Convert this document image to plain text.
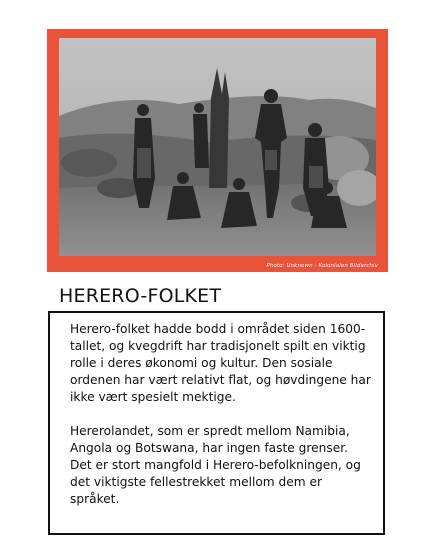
Photo: Unknown - Kolonialen Bildarchiv
HERERO-FOLKET

Herero-folket hadde bodd i området siden 1600-tallet, og kvegdrift har tradisjonelt spilt en viktig rolle i deres økonomi og kultur. Den sosiale ordenen har vært relativt flat, og høvdingene har ikke vært spesielt mektige.

Hererolandet, som er spredt mellom Namibia, Angola og Botswana, har ingen faste grenser. Det er stort mangfold i Herero-befolkningen, og det viktigste fellestrekket mellom dem er språket.
